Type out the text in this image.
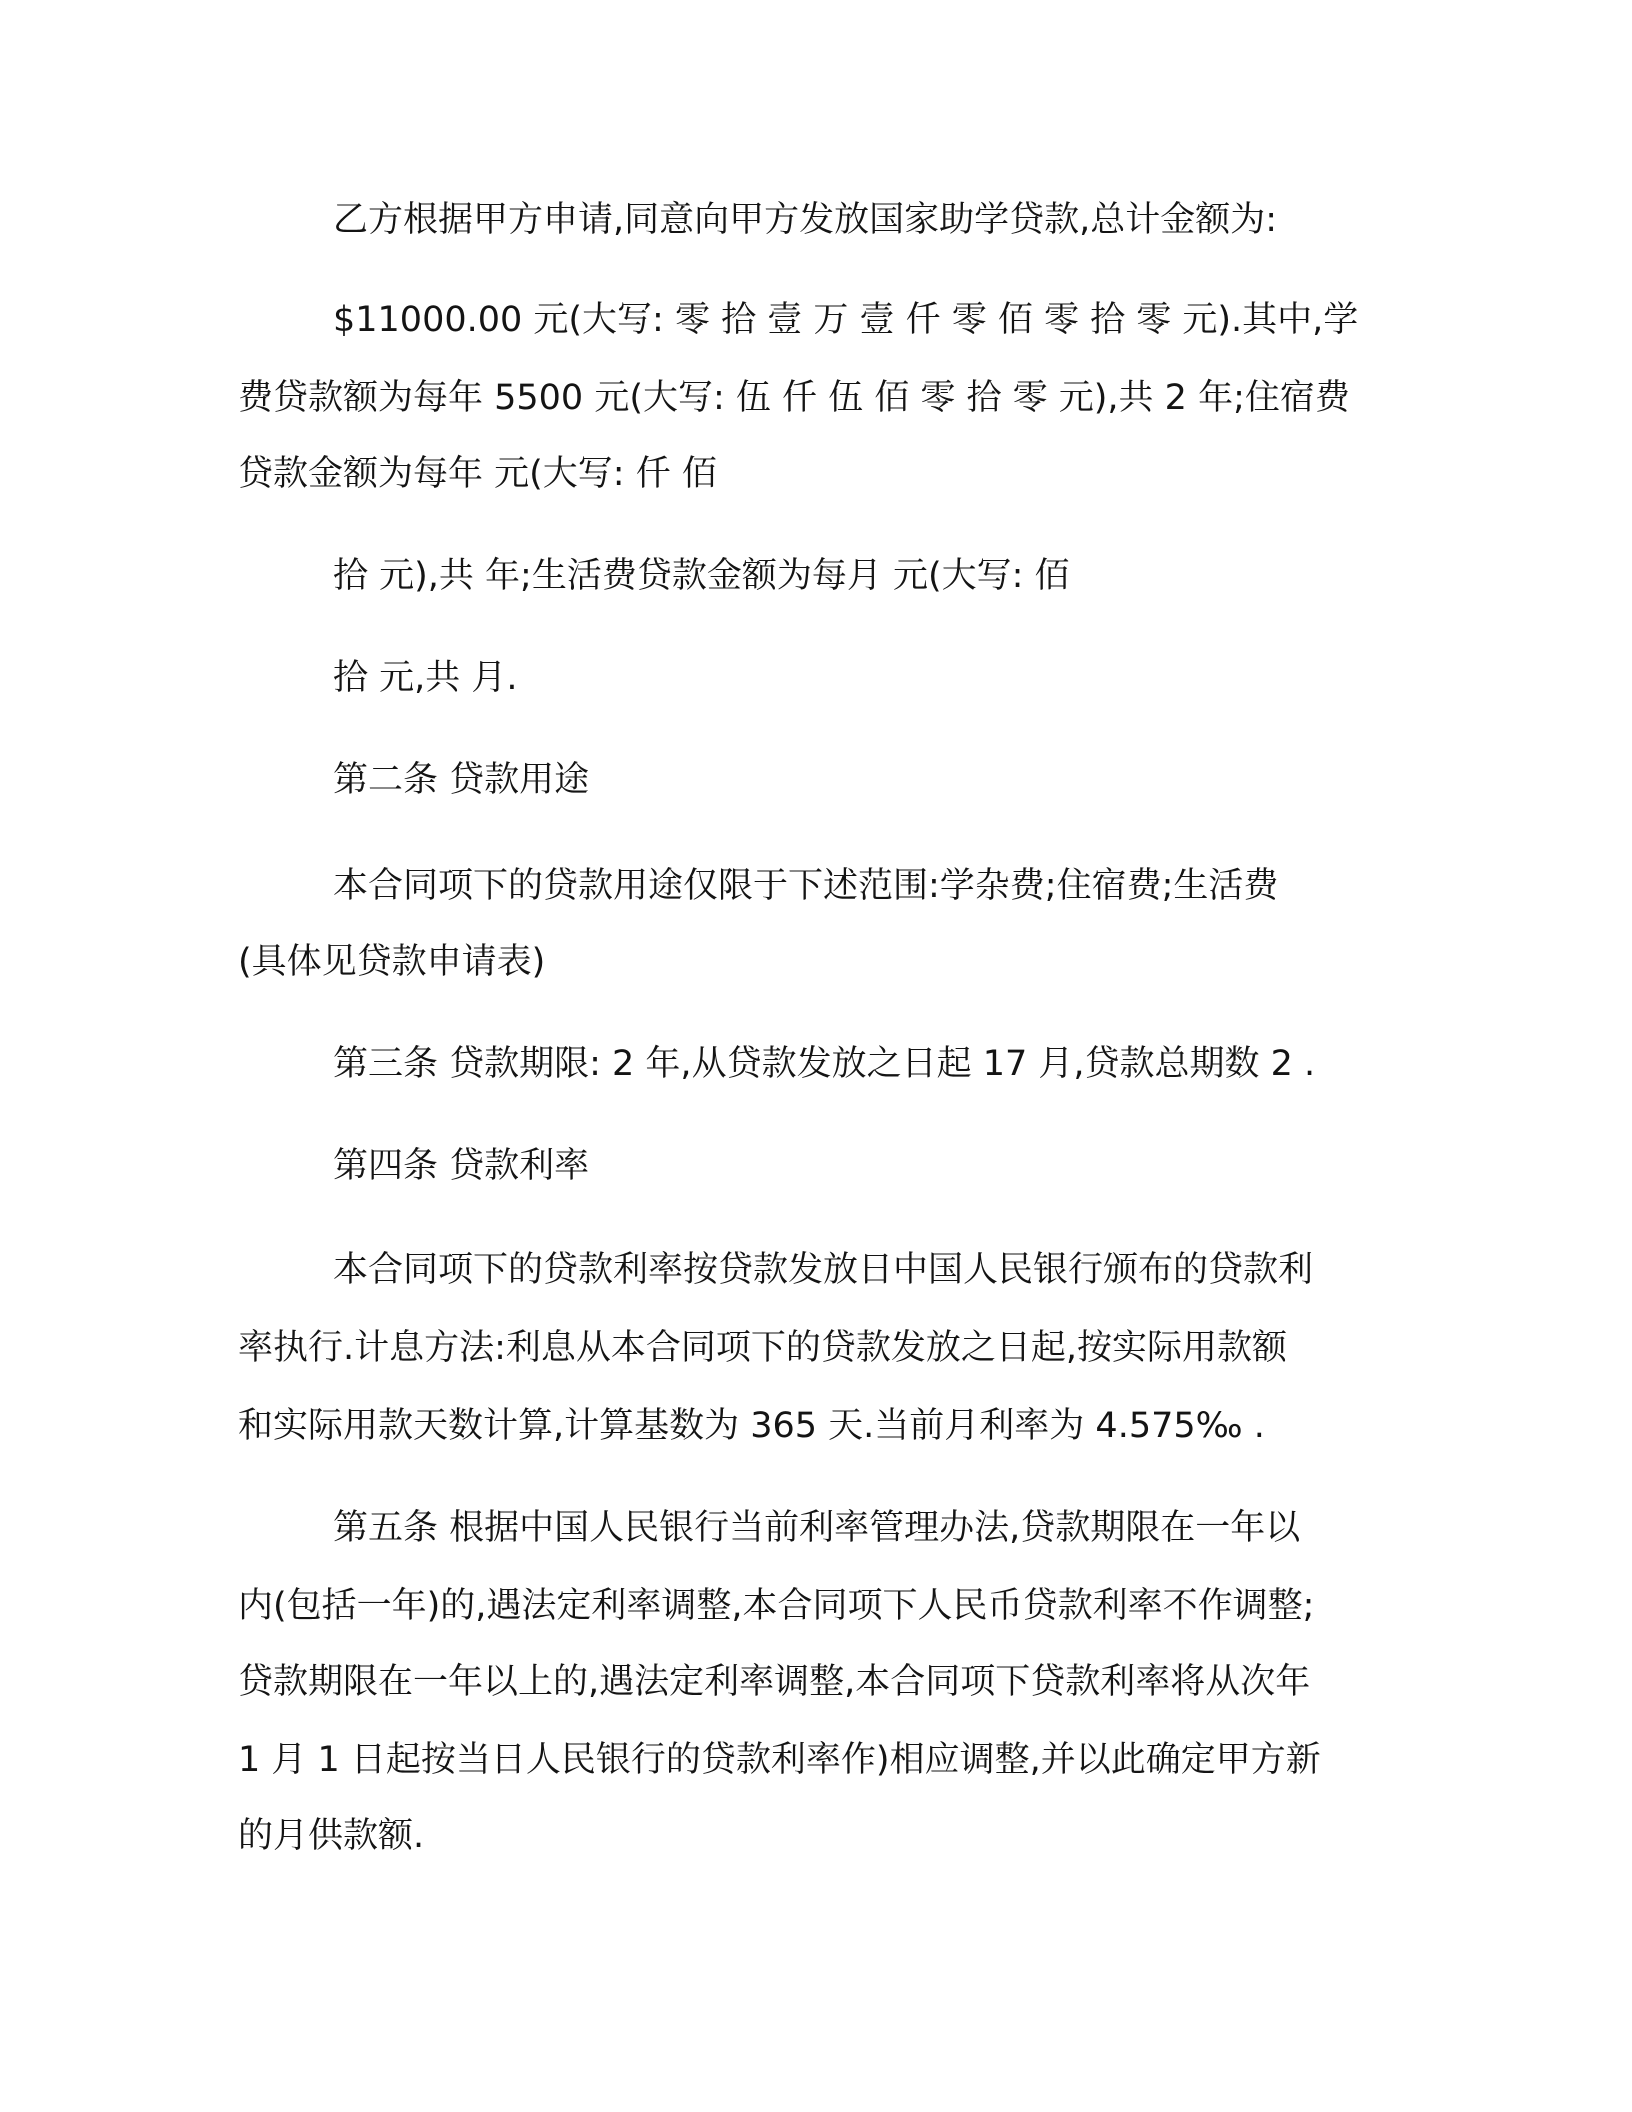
乙方根据甲方申请,同意向甲方发放国家助学贷款,总计金额为:
$11000.00 元(大写: 零 拾 壹 万 壹 仟 零 佰 零 拾 零 元).其中,学
费贷款额为每年 5500 元(大写: 伍 仟 伍 佰 零 拾 零 元),共 2 年;住宿费
贷款金额为每年 元(大写: 仟 佰
拾 元),共 年;生活费贷款金额为每月 元(大写: 佰
拾 元,共 月.
第二条 贷款用途
本合同项下的贷款用途仅限于下述范围:学杂费;住宿费;生活费
(具体见贷款申请表)
第三条 贷款期限: 2 年,从贷款发放之日起 17 月,贷款总期数 2 .
第四条 贷款利率
本合同项下的贷款利率按贷款发放日中国人民银行颁布的贷款利
率执行.计息方法:利息从本合同项下的贷款发放之日起,按实际用款额
和实际用款天数计算,计算基数为 365 天.当前月利率为 4.575‰ .
第五条 根据中国人民银行当前利率管理办法,贷款期限在一年以
内(包括一年)的,遇法定利率调整,本合同项下人民币贷款利率不作调整;
贷款期限在一年以上的,遇法定利率调整,本合同项下贷款利率将从次年
1 月 1 日起按当日人民银行的贷款利率作)相应调整,并以此确定甲方新
的月供款额.
